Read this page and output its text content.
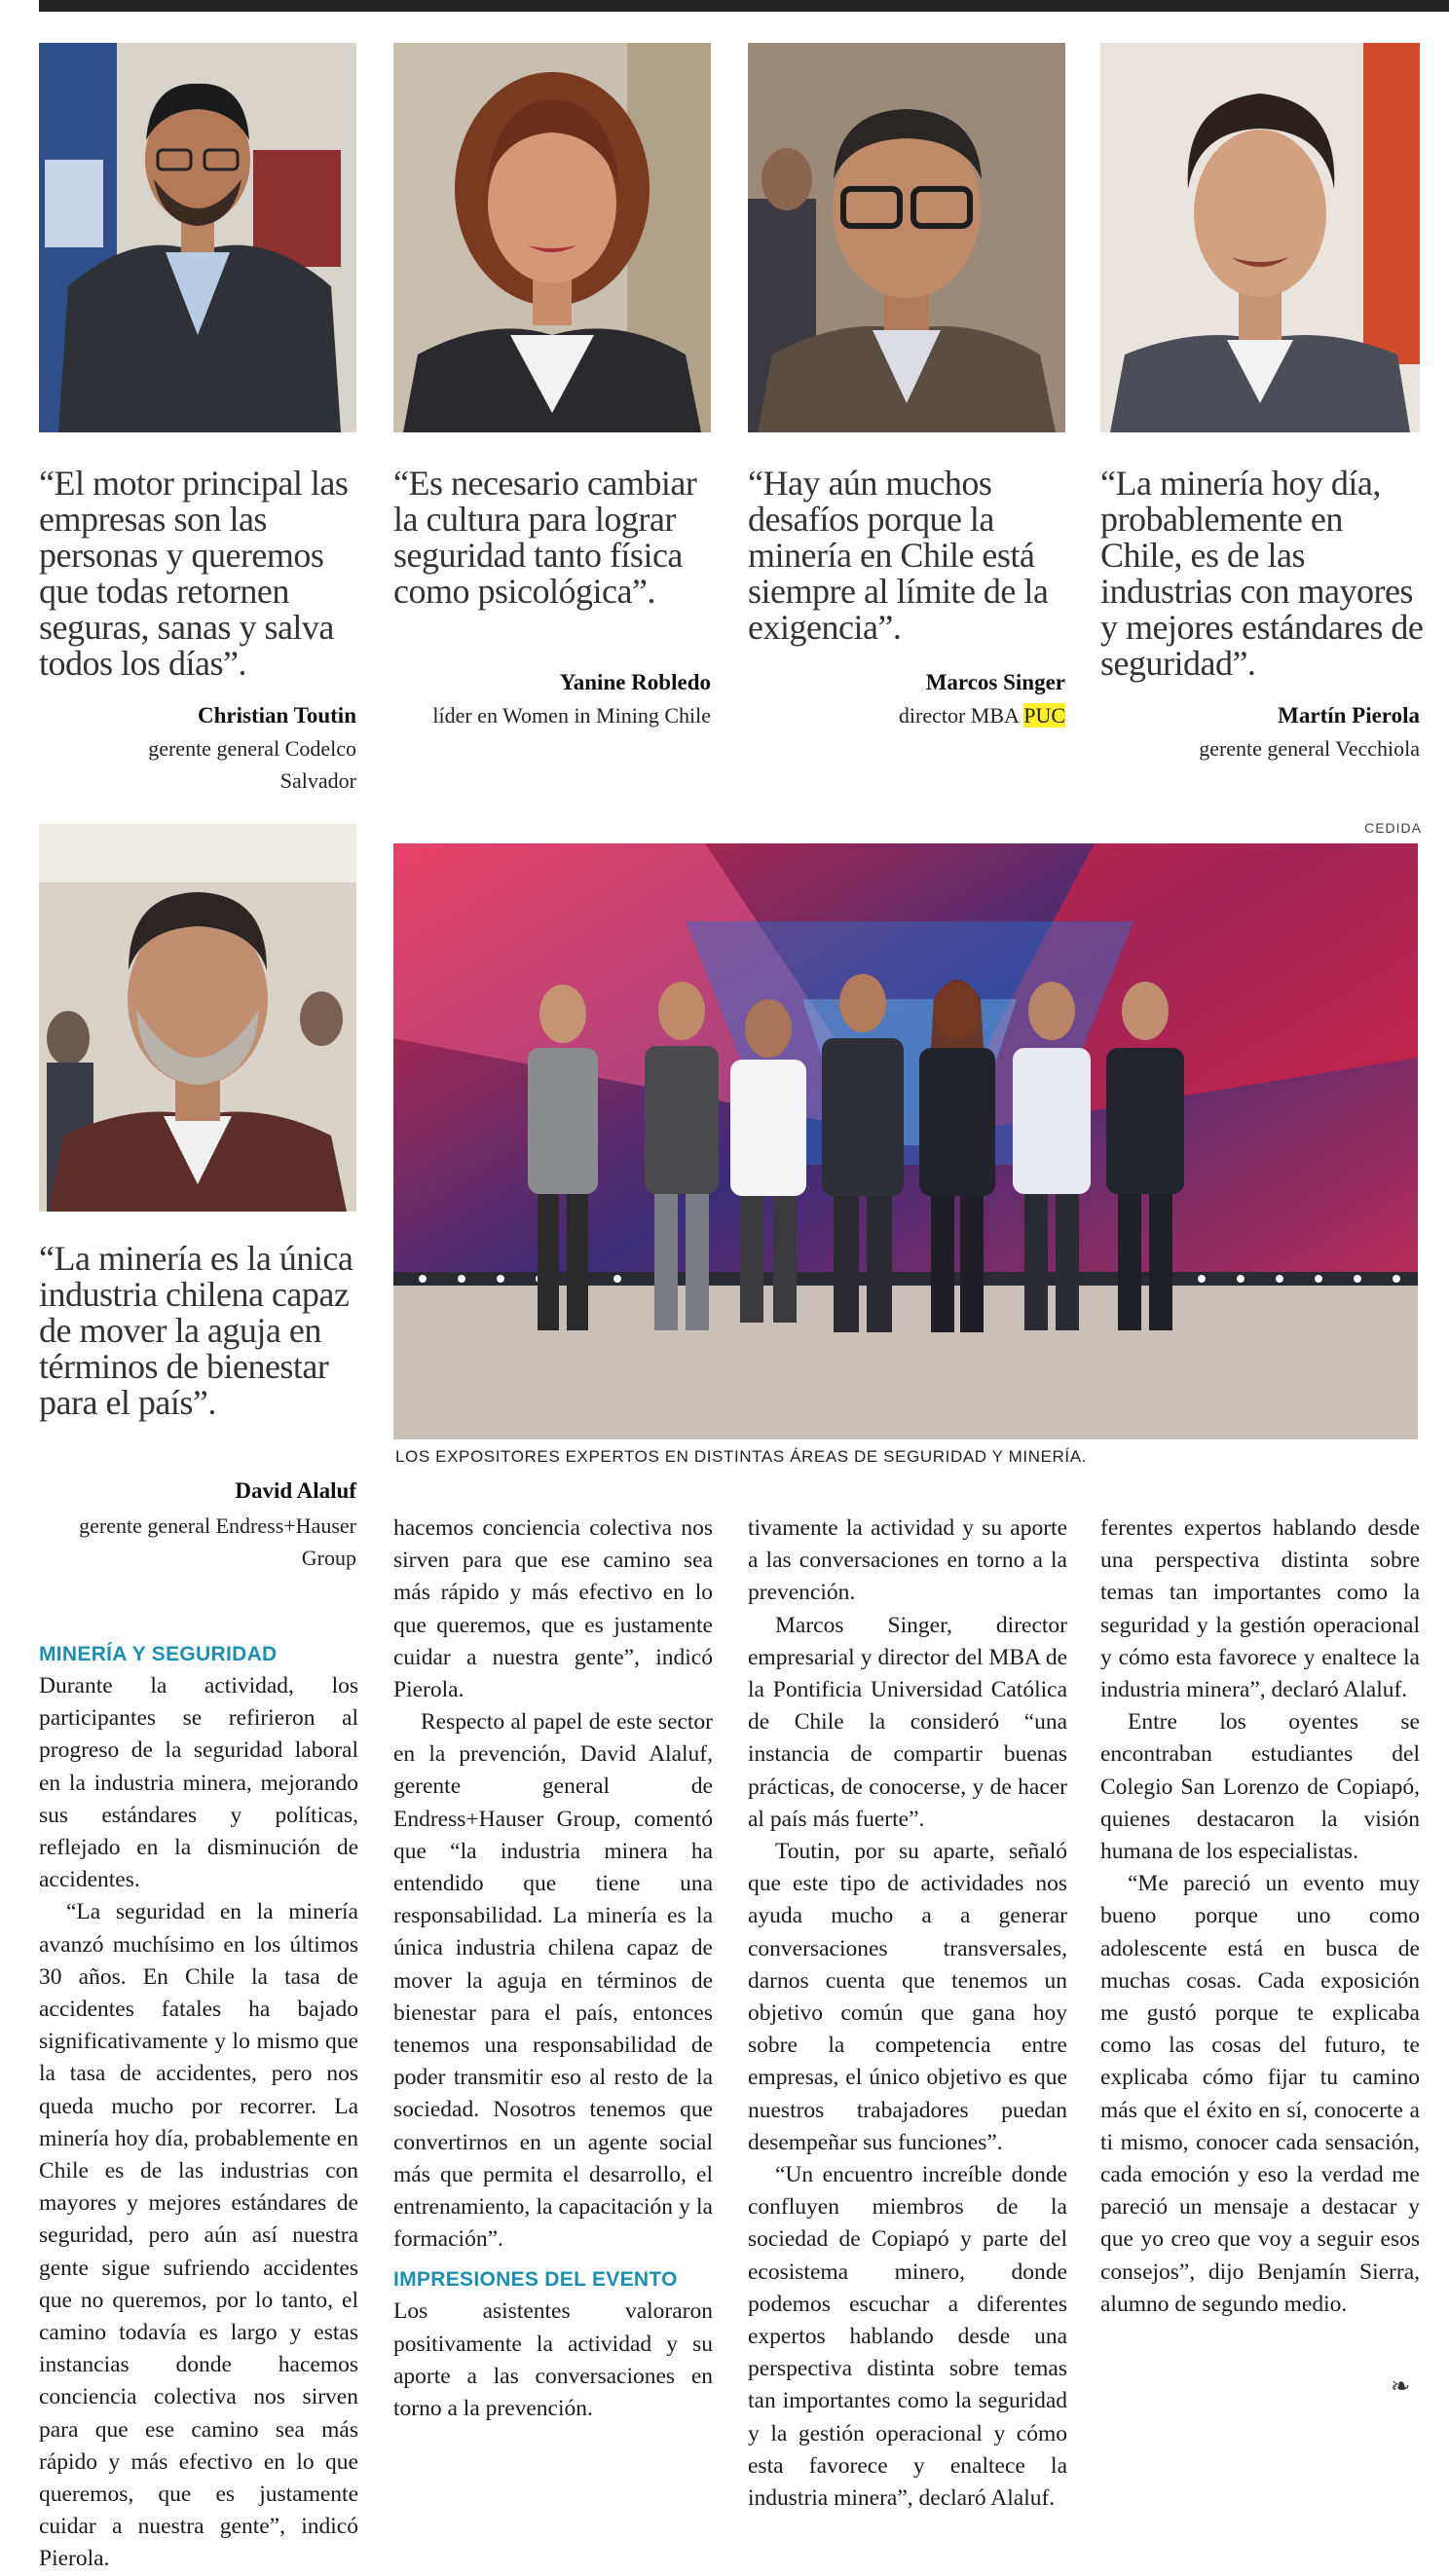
“El motor principal las empresas son las personas y queremos que todas retornen seguras, sanas y salva todos los días”.
Christian Toutin
gerente general Codelco Salvador
“Es necesario cambiar la cultura para lograr seguridad tanto física como psicológica”.
Yanine Robledo
líder en Women in Mining Chile
“Hay aún muchos desafíos porque la minería en Chile está siempre al límite de la exigencia”.
Marcos Singer
director MBA PUC
“La minería hoy día, probablemente en Chile, es de las industrias con mayores y mejores estándares de seguridad”.
Martín Pierola
gerente general Vecchiola
CEDIDA
LOS EXPOSITORES EXPERTOS EN DISTINTAS ÁREAS DE SEGURIDAD Y MINERÍA.
“La minería es la única industria chilena capaz de mover la aguja en términos de bienestar para el país”.
David Alaluf
gerente general Endress+Hauser Group
MINERÍA Y SEGURIDAD

Durante la actividad, los participantes se refirieron al progreso de la seguridad laboral en la industria minera, mejorando sus estándares y políticas, reflejado en la disminución de accidentes.

“La seguridad en la minería avanzó muchísimo en los últimos 30 años. En Chile la tasa de accidentes fatales ha bajado significativamente y lo mismo que la tasa de accidentes, pero nos queda mucho por recorrer. La minería hoy día, probablemente en Chile es de las industrias con mayores y mejores estándares de seguridad, pero aún así nuestra gente sigue sufriendo accidentes que no queremos, por lo tanto, el camino todavía es largo y estas instancias donde hacemos conciencia colectiva nos sirven para que ese camino sea más rápido y más efectivo en lo que queremos, que es justamente cuidar a nuestra gente”, indicó Pierola.

hacemos conciencia colectiva nos sirven para que ese camino sea más rápido y más efectivo en lo que queremos, que es justamente cuidar a nuestra gente”, indicó Pierola.

Respecto al papel de este sector en la prevención, David Alaluf, gerente general de Endress+Hauser Group, comentó que “la industria minera ha entendido que tiene una responsabilidad. La minería es la única industria chilena capaz de mover la aguja en términos de bienestar para el país, entonces tenemos una responsabilidad de poder transmitir eso al resto de la sociedad. Nosotros tenemos que convertirnos en un agente social más que permita el desarrollo, el entrenamiento, la capacitación y la formación”.

IMPRESIONES DEL EVENTO

Los asistentes valoraron positivamente la actividad y su aporte a las conversaciones en torno a la prevención.

tivamente la actividad y su aporte a las conversaciones en torno a la prevención.

Marcos Singer, director empresarial y director del MBA de la Pontificia Universidad Católica de Chile la consideró “una instancia de compartir buenas prácticas, de conocerse, y de hacer al país más fuerte”.

Toutin, por su aparte, señaló que este tipo de actividades nos ayuda mucho a a generar conversaciones transversales, darnos cuenta que tenemos un objetivo común que gana hoy sobre la competencia entre empresas, el único objetivo es que nuestros trabajadores puedan desempeñar sus funciones”.

“Un encuentro increíble donde confluyen miembros de la sociedad de Copiapó y parte del ecosistema minero, donde podemos escuchar a diferentes expertos hablando desde una perspectiva distinta sobre temas tan importantes como la seguridad y la gestión operacional y cómo esta favorece y enaltece la industria minera”, declaró Alaluf.

ferentes expertos hablando desde una perspectiva distinta sobre temas tan importantes como la seguridad y la gestión operacional y cómo esta favorece y enaltece la industria minera”, declaró Alaluf.

Entre los oyentes se encontraban estudiantes del Colegio San Lorenzo de Copiapó, quienes destacaron la visión humana de los especialistas.

“Me pareció un evento muy bueno porque uno como adolescente está en busca de muchas cosas. Cada exposición me gustó porque te explicaba como las cosas del futuro, te explicaba cómo fijar tu camino más que el éxito en sí, conocerte a ti mismo, conocer cada sensación, cada emoción y eso la verdad me pareció un mensaje a destacar y que yo creo que voy a seguir esos consejos”, dijo Benjamín Sierra, alumno de segundo medio.

❧
